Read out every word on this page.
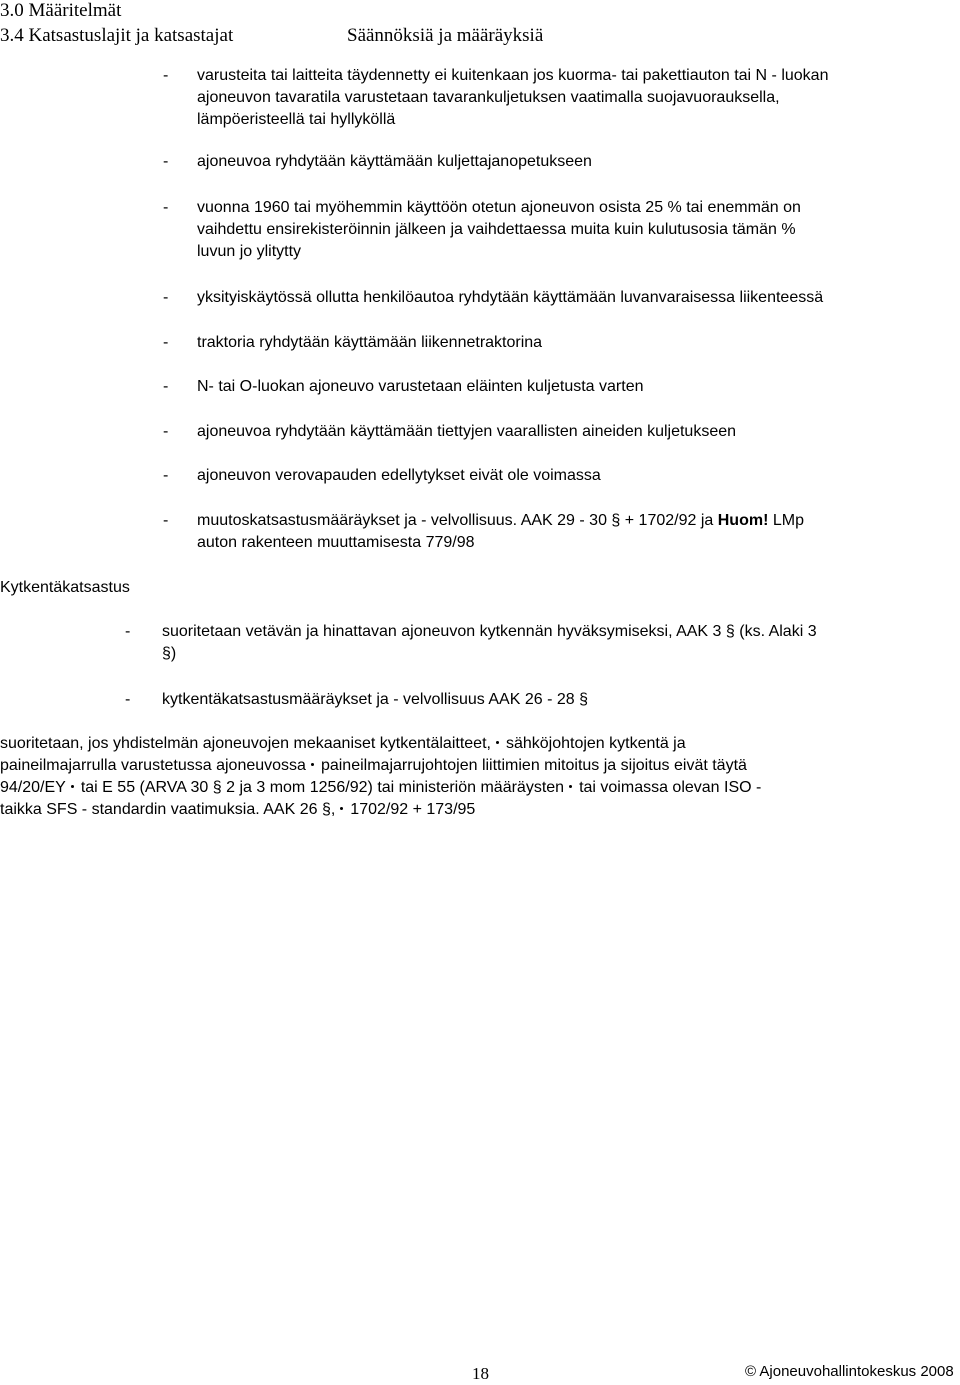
3.0 Määritelmät
3.4 Katsastuslajit ja katsastajat	Säännöksiä ja määräyksiä
- varusteita tai laitteita täydennetty ei kuitenkaan jos kuorma- tai pakettiauton tai N - luokan
ajoneuvon tavaratila varustetaan tavarankuljetuksen vaatimalla suojavuorauksella,
lämpöeristeellä tai hyllyköllä
- ajoneuvoa ryhdytään käyttämään kuljettajanopetukseen
- vuonna 1960 tai myöhemmin käyttöön otetun ajoneuvon osista 25 % tai enemmän on
vaihdettu ensirekisteröinnin jälkeen ja vaihdettaessa muita kuin kulutusosia tämän %
luvun jo ylitytty
- yksityiskäytössä ollutta henkilöautoa ryhdytään käyttämään luvanvaraisessa liikenteessä
- traktoria ryhdytään käyttämään liikennetraktorina
- N- tai O-luokan ajoneuvo varustetaan eläinten kuljetusta varten
- ajoneuvoa ryhdytään käyttämään tiettyjen vaarallisten aineiden kuljetukseen
- ajoneuvon verovapauden edellytykset eivät ole voimassa
- muutoskatsastusmääräykset ja - velvollisuus. AAK 29 - 30 § + 1702/92 ja Huom! LMp
auton rakenteen muuttamisesta 779/98
Kytkentäkatsastus
- suoritetaan vetävän ja hinattavan ajoneuvon kytkennän hyväksymiseksi, AAK 3 § (ks. Alaki 3
§)
- kytkentäkatsastusmääräykset ja - velvollisuus AAK 26 - 28 §
suoritetaan, jos yhdistelmän ajoneuvojen mekaaniset kytkentälaitteet, sähköjohtojen kytkentä ja
paineilmajarrulla varustetussa ajoneuvossa paineilmajarrujohtojen liittimien mitoitus ja sijoitus eivät täytä
94/20/EY tai E 55 (ARVA 30 § 2 ja 3 mom 1256/92) tai ministeriön määräysten tai voimassa olevan ISO -
taikka SFS - standardin vaatimuksia. AAK 26 §, 1702/92 + 173/95
18	© Ajoneuvohallintokeskus 2008
